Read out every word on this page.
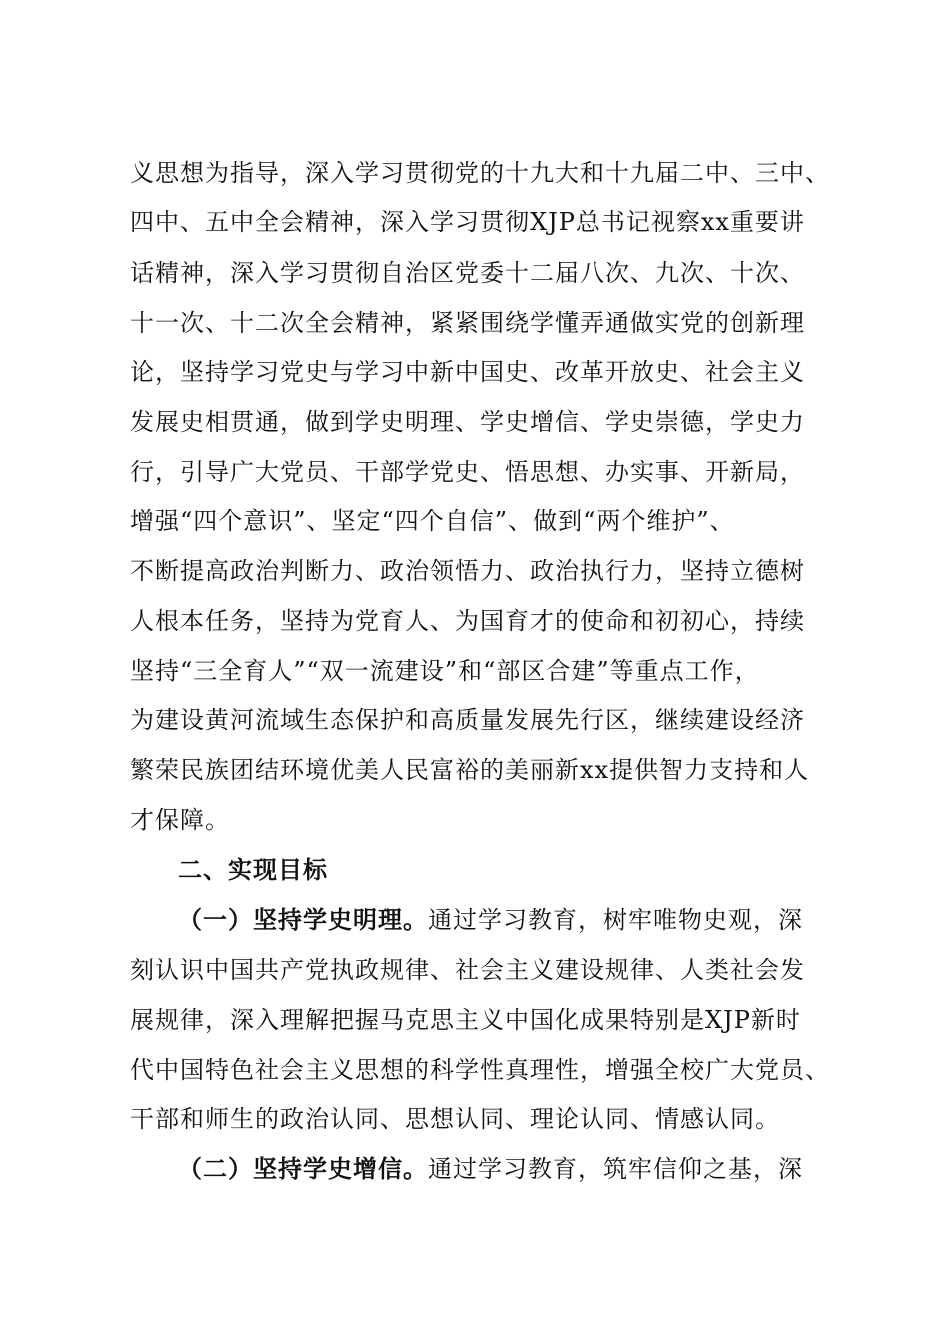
义思想为指导，深入学习贯彻党的十九大和十九届二中、三中、
四中、五中全会精神，深入学习贯彻XJP总书记视察xx重要讲
话精神，深入学习贯彻自治区党委十二届八次、九次、十次、
十一次、十二次全会精神，紧紧围绕学懂弄通做实党的创新理
论，坚持学习党史与学习中新中国史、改革开放史、社会主义
发展史相贯通，做到学史明理、学史增信、学史崇德，学史力
行，引导广大党员、干部学党史、悟思想、办实事、开新局，
增强“四个意识”、坚定“四个自信”、做到“两个维护”、
不断提高政治判断力、政治领悟力、政治执行力，坚持立德树
人根本任务，坚持为党育人、为国育才的使命和初初心，持续
坚持“三全育人”“双一流建设”和“部区合建”等重点工作，
为建设黄河流域生态保护和高质量发展先行区，继续建设经济
繁荣民族团结环境优美人民富裕的美丽新xx提供智力支持和人
才保障。
二、实现目标
（一）坚持学史明理。通过学习教育，树牢唯物史观，深
刻认识中国共产党执政规律、社会主义建设规律、人类社会发
展规律，深入理解把握马克思主义中国化成果特别是XJP新时
代中国特色社会主义思想的科学性真理性，增强全校广大党员、
干部和师生的政治认同、思想认同、理论认同、情感认同。
（二）坚持学史增信。通过学习教育，筑牢信仰之基，深
